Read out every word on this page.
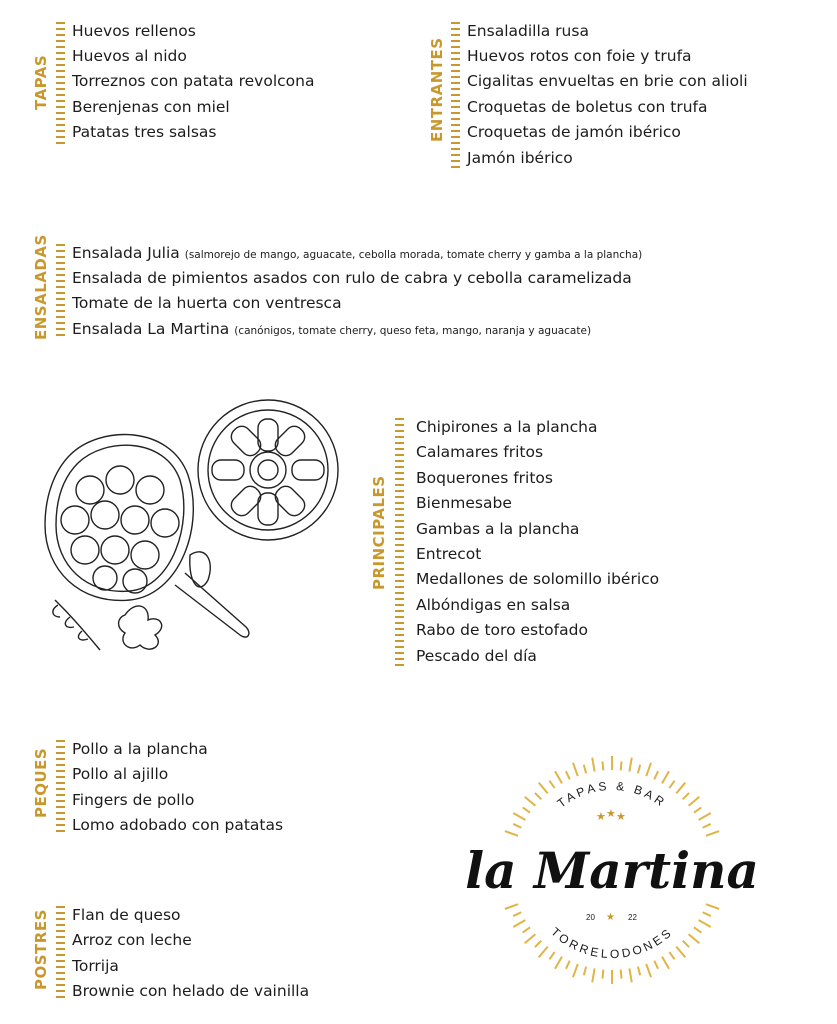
TAPAS
Huevos rellenos
Huevos al nido
Torreznos con patata revolcona
Berenjenas con miel
Patatas tres salsas	ENTRANTES
Ensaladilla rusa
Huevos rotos con foie y trufa
Cigalitas envueltas en brie con alioli
Croquetas de boletus con trufa
Croquetas de jamón ibérico
Jamón ibérico
ENSALADAS Ensalada Julia (salmorejo de mango, aguacate, cebolla morada, tomate cherry y gamba a la plancha)
Ensalada de pimientos asados con rulo de cabra y cebolla caramelizada
Tomate de la huerta con ventresca
Ensalada La Martina (canónigos, tomate cherry, queso feta, mango, naranja y aguacate)
PRINCIPALES
Chipirones a la plancha
Calamares fritos
Boquerones fritos
Bienmesabe
Gambas a la plancha
Entrecot
Medallones de solomillo ibérico
Albóndigas en salsa
Rabo de toro estofado
Pescado del día
PEQUES Pollo a la plancha
Pollo al ajillo
Fingers de pollo
Lomo adobado con patatas
POSTRES Flan de queso
Arroz con leche
Torrija
Brownie con helado de vainilla
TAPAS & BAR
★ ★ ★
la Martina
20 ★ 22
TORRELODONES
